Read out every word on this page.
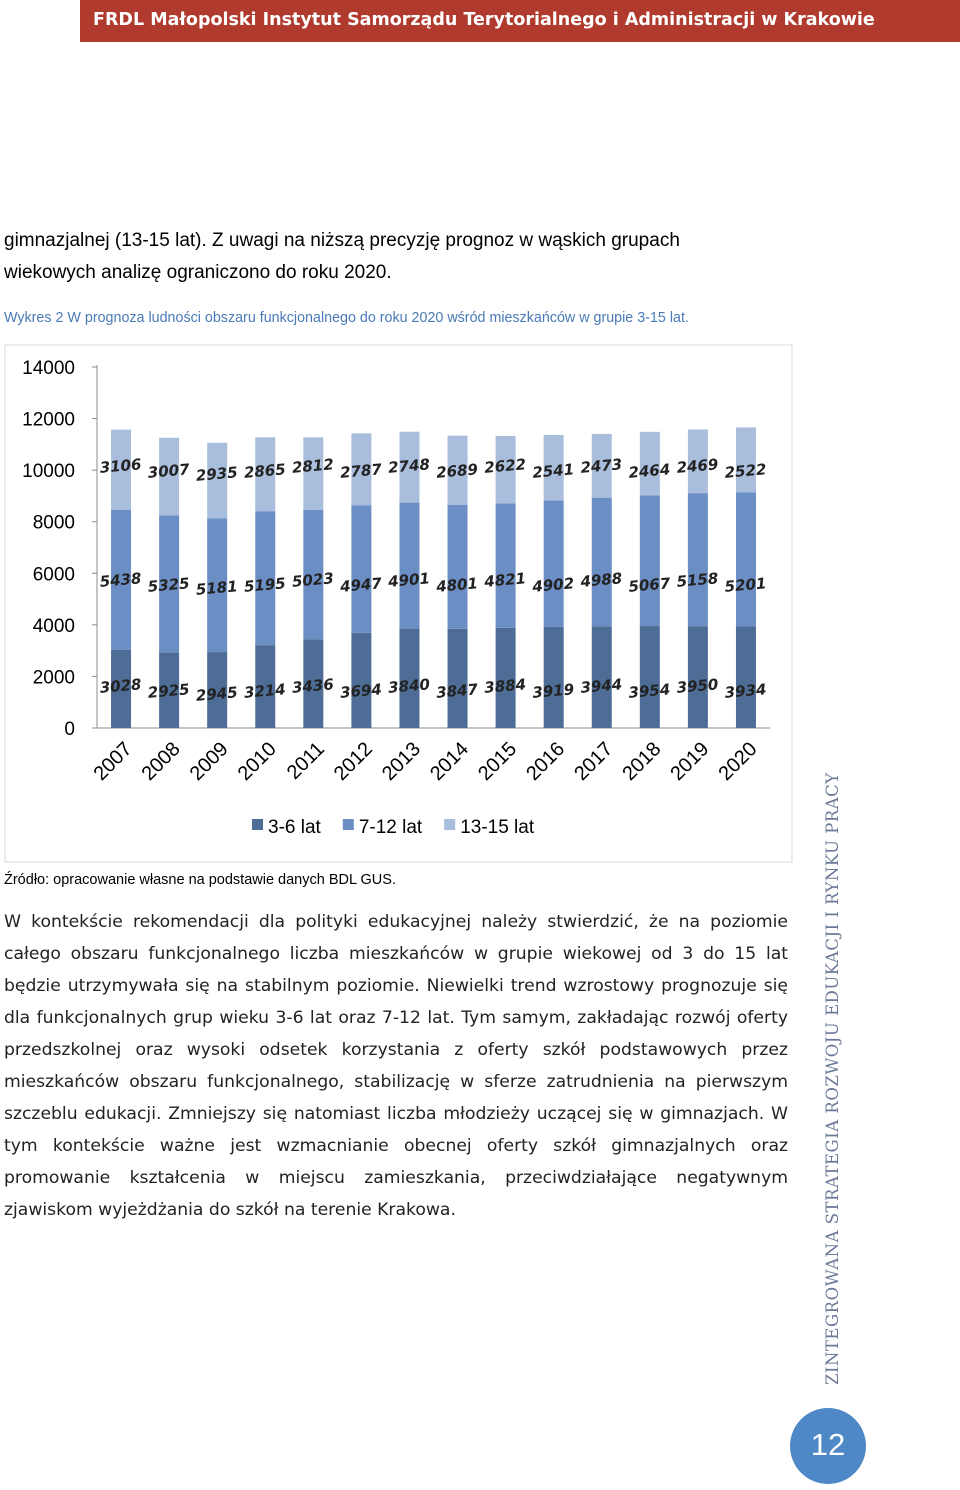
FRDL Małopolski Instytut Samorządu Terytorialnego i Administracji w Krakowie
gimnazjalnej (13-15 lat). Z uwagi na niższą precyzję prognoz w wąskich grupach
wiekowych analizę ograniczono do roku 2020.
Wykres 2 W prognoza ludności obszaru funkcjonalnego do roku 2020 wśród mieszkańców w grupie 3-15 lat.
0
2000
4000
6000
8000
10000
12000
14000
3028
5438
3106
2007
2925
5325
3007
2008
2945
5181
2935
2009
3214
5195
2865
2010
3436
5023
2812
2011
3694
4947
2787
2012
3840
4901
2748
2013
3847
4801
2689
2014
3884
4821
2622
2015
3919
4902
2541
2016
3944
4988
2473
2017
3954
5067
2464
2018
3950
5158
2469
2019
3934
5201
2522
2020
3-6 lat 7-12 lat 13-15 lat
Źródło: opracowanie własne na podstawie danych BDL GUS.
W kontekście rekomendacji dla polityki edukacyjnej należy stwierdzić, że na poziomie całego obszaru funkcjonalnego liczba mieszkańców w grupie wiekowej od 3 do 15 lat będzie utrzymywała się na stabilnym poziomie. Niewielki trend wzrostowy prognozuje się dla funkcjonalnych grup wieku 3-6 lat oraz 7-12 lat. Tym samym, zakładając rozwój oferty przedszkolnej oraz wysoki odsetek korzystania z oferty szkół podstawowych przez mieszkańców obszaru funkcjonalnego, stabilizację w sferze zatrudnienia na pierwszym szczeblu edukacji. Zmniejszy się natomiast liczba młodzieży uczącej się w gimnazjach. W tym kontekście ważne jest wzmacnianie obecnej oferty szkół gimnazjalnych oraz promowanie kształcenia w miejscu zamieszkania, przeciwdziałające negatywnym zjawiskom wyjeżdżania do szkół na terenie Krakowa.	ZINTEGROWANA STRATEGIA ROZWOJU EDUKACJI I RYNKU PRACY
12
